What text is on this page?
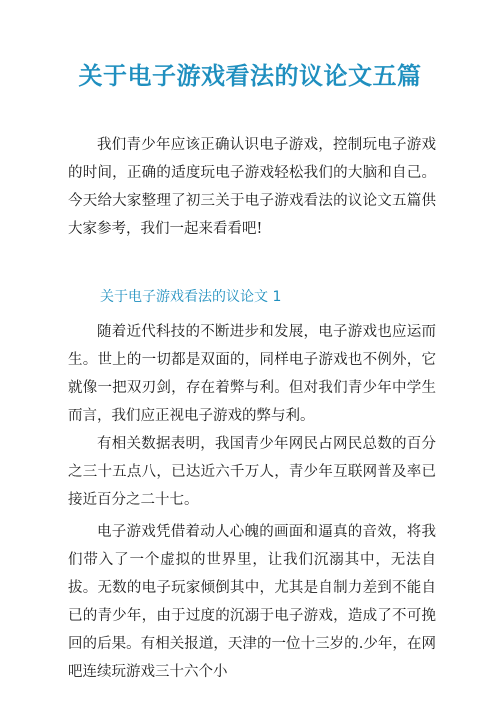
关于电子游戏看法的议论文五篇
我们青少年应该正确认识电子游戏，控制玩电子游戏的时间，正确的适度玩电子游戏轻松我们的大脑和自己。今天给大家整理了初三关于电子游戏看法的议论文五篇供大家参考，我们一起来看看吧!
关于电子游戏看法的议论文 1
随着近代科技的不断进步和发展，电子游戏也应运而生。世上的一切都是双面的，同样电子游戏也不例外，它就像一把双刃剑，存在着弊与利。但对我们青少年中学生而言，我们应正视电子游戏的弊与利。
有相关数据表明，我国青少年网民占网民总数的百分之三十五点八，已达近六千万人，青少年互联网普及率已接近百分之二十七。
电子游戏凭借着动人心魄的画面和逼真的音效，将我们带入了一个虚拟的世界里，让我们沉溺其中，无法自拔。无数的电子玩家倾倒其中，尤其是自制力差到不能自已的青少年，由于过度的沉溺于电子游戏，造成了不可挽回的后果。有相关报道，天津的一位十三岁的.少年，在网吧连续玩游戏三十六个小
